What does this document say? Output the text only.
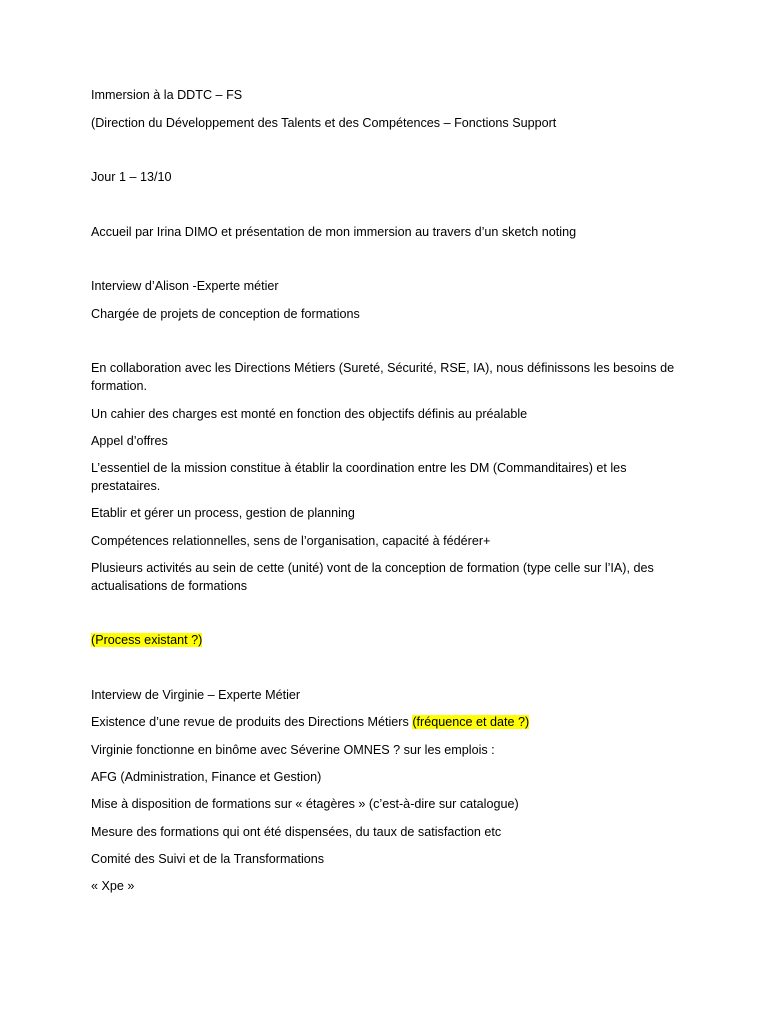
Immersion à la DDTC – FS
(Direction du Développement des Talents et des Compétences – Fonctions Support
Jour 1 – 13/10
Accueil par Irina DIMO et présentation de mon immersion au travers d’un sketch noting
Interview d’Alison -Experte métier
Chargée de projets de conception de formations
En collaboration avec les Directions Métiers (Sureté, Sécurité, RSE, IA), nous définissons les besoins de formation.
Un cahier des charges est monté en fonction des objectifs définis au préalable
Appel d’offres
L’essentiel de la mission constitue à établir la coordination entre les DM (Commanditaires) et les prestataires.
Etablir et gérer un process, gestion de planning
Compétences relationnelles, sens de l’organisation, capacité à fédérer+
Plusieurs activités au sein de cette (unité) vont de la conception de formation (type celle sur l’IA), des actualisations de formations
(Process existant ?)
Interview de Virginie – Experte Métier
Existence d’une revue de produits des Directions Métiers (fréquence et date ?)
Virginie fonctionne en binôme avec Séverine OMNES ? sur les emplois :
AFG (Administration, Finance et Gestion)
Mise à disposition de formations sur « étagères » (c’est-à-dire sur catalogue)
Mesure des formations qui ont été dispensées, du taux de satisfaction etc
Comité des Suivi et de la Transformations
« Xpe »
